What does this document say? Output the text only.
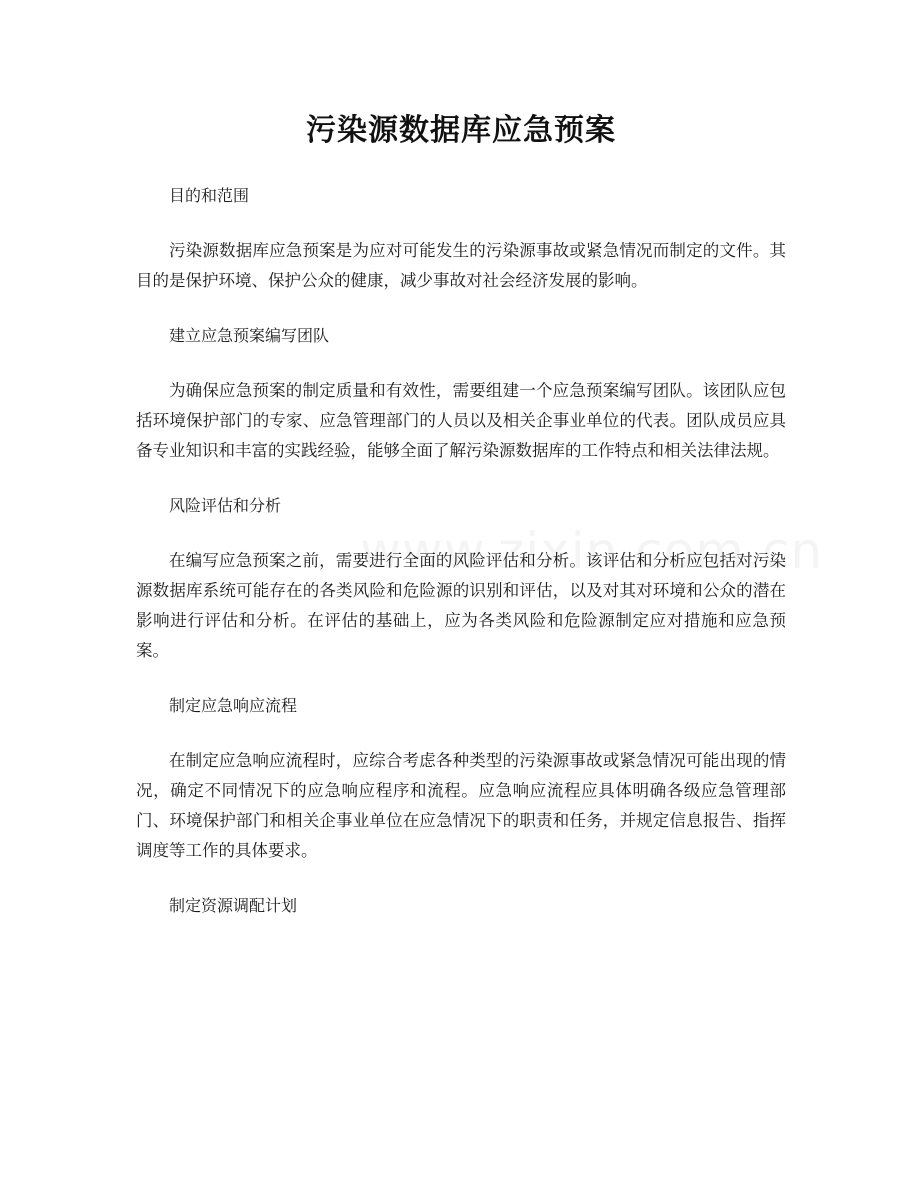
污染源数据库应急预案

目的和范围

污染源数据库应急预案是为应对可能发生的污染源事故或紧急情况而制定的文件。其目的是保护环境、保护公众的健康，减少事故对社会经济发展的影响。

建立应急预案编写团队

为确保应急预案的制定质量和有效性，需要组建一个应急预案编写团队。该团队应包括环境保护部门的专家、应急管理部门的人员以及相关企事业单位的代表。团队成员应具备专业知识和丰富的实践经验，能够全面了解污染源数据库的工作特点和相关法律法规。

风险评估和分析

在编写应急预案之前，需要进行全面的风险评估和分析。该评估和分析应包括对污染源数据库系统可能存在的各类风险和危险源的识别和评估，以及对其对环境和公众的潜在影响进行评估和分析。在评估的基础上，应为各类风险和危险源制定应对措施和应急预案。

制定应急响应流程

在制定应急响应流程时，应综合考虑各种类型的污染源事故或紧急情况可能出现的情况，确定不同情况下的应急响应程序和流程。应急响应流程应具体明确各级应急管理部门、环境保护部门和相关企事业单位在应急情况下的职责和任务，并规定信息报告、指挥调度等工作的具体要求。

制定资源调配计划
